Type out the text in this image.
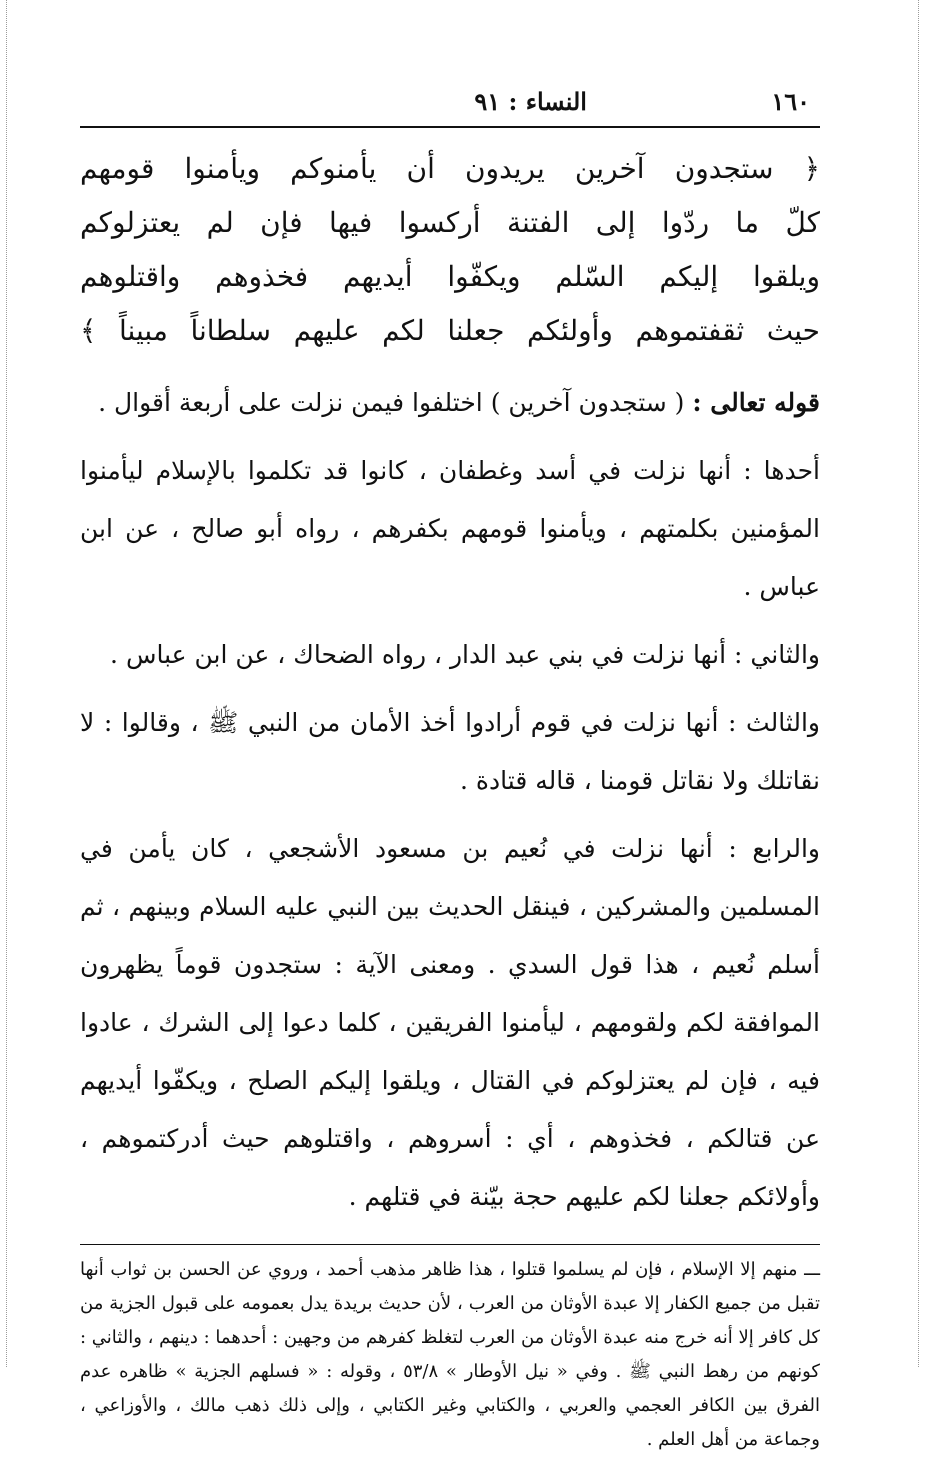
١٦٠
النساء : ٩١

﴿ ستجدون آخرين يريدون أن يأمنوكم ويأمنوا قومهم

كلّ ما ردّوا إلى الفتنة أركسوا فيها فإن لم يعتزلوكم

ويلقوا إليكم السّلم ويكفّوا أيديهم فخذوهم واقتلوهم

حيث ثقفتموهم وأولئكم جعلنا لكم عليهم سلطاناً مبيناً ﴾

قوله تعالى : ( ستجدون آخرين ) اختلفوا فيمن نزلت على أربعة أقوال .

أحدها : أنها نزلت في أسد وغطفان ، كانوا قد تكلموا بالإسلام ليأمنوا المؤمنين بكلمتهم ، ويأمنوا قومهم بكفرهم ، رواه أبو صالح ، عن ابن عباس .

والثاني : أنها نزلت في بني عبد الدار ، رواه الضحاك ، عن ابن عباس .

والثالث : أنها نزلت في قوم أرادوا أخذ الأمان من النبي ﷺ ، وقالوا : لا نقاتلك ولا نقاتل قومنا ، قاله قتادة .

والرابع : أنها نزلت في نُعيم بن مسعود الأشجعي ، كان يأمن في المسلمين والمشركين ، فينقل الحديث بين النبي عليه السلام وبينهم ، ثم أسلم نُعيم ، هذا قول السدي . ومعنى الآية : ستجدون قوماً يظهرون الموافقة لكم ولقومهم ، ليأمنوا الفريقين ، كلما دعوا إلى الشرك ، عادوا فيه ، فإن لم يعتزلوكم في القتال ، ويلقوا إليكم الصلح ، ويكفّوا أيديهم عن قتالكم ، فخذوهم ، أي : أسروهم ، واقتلوهم حيث أدركتموهم ، وأولائكم جعلنا لكم عليهم حجة بيّنة في قتلهم .

ـــ منهم إلا الإسلام ، فإن لم يسلموا قتلوا ، هذا ظاهر مذهب أحمد ، وروي عن الحسن بن ثواب أنها تقبل من جميع الكفار إلا عبدة الأوثان من العرب ، لأن حديث بريدة يدل بعمومه على قبول الجزية من كل كافر إلا أنه خرج منه عبدة الأوثان من العرب لتغلظ كفرهم من وجهين : أحدهما : دينهم ، والثاني : كونهم من رهط النبي ﷺ . وفي « نيل الأوطار » ٥٣/٨ ، وقوله : « فسلهم الجزية » ظاهره عدم الفرق بين الكافر العجمي والعربي ، والكتابي وغير الكتابي ، وإلى ذلك ذهب مالك ، والأوزاعي ، وجماعة من أهل العلم .
